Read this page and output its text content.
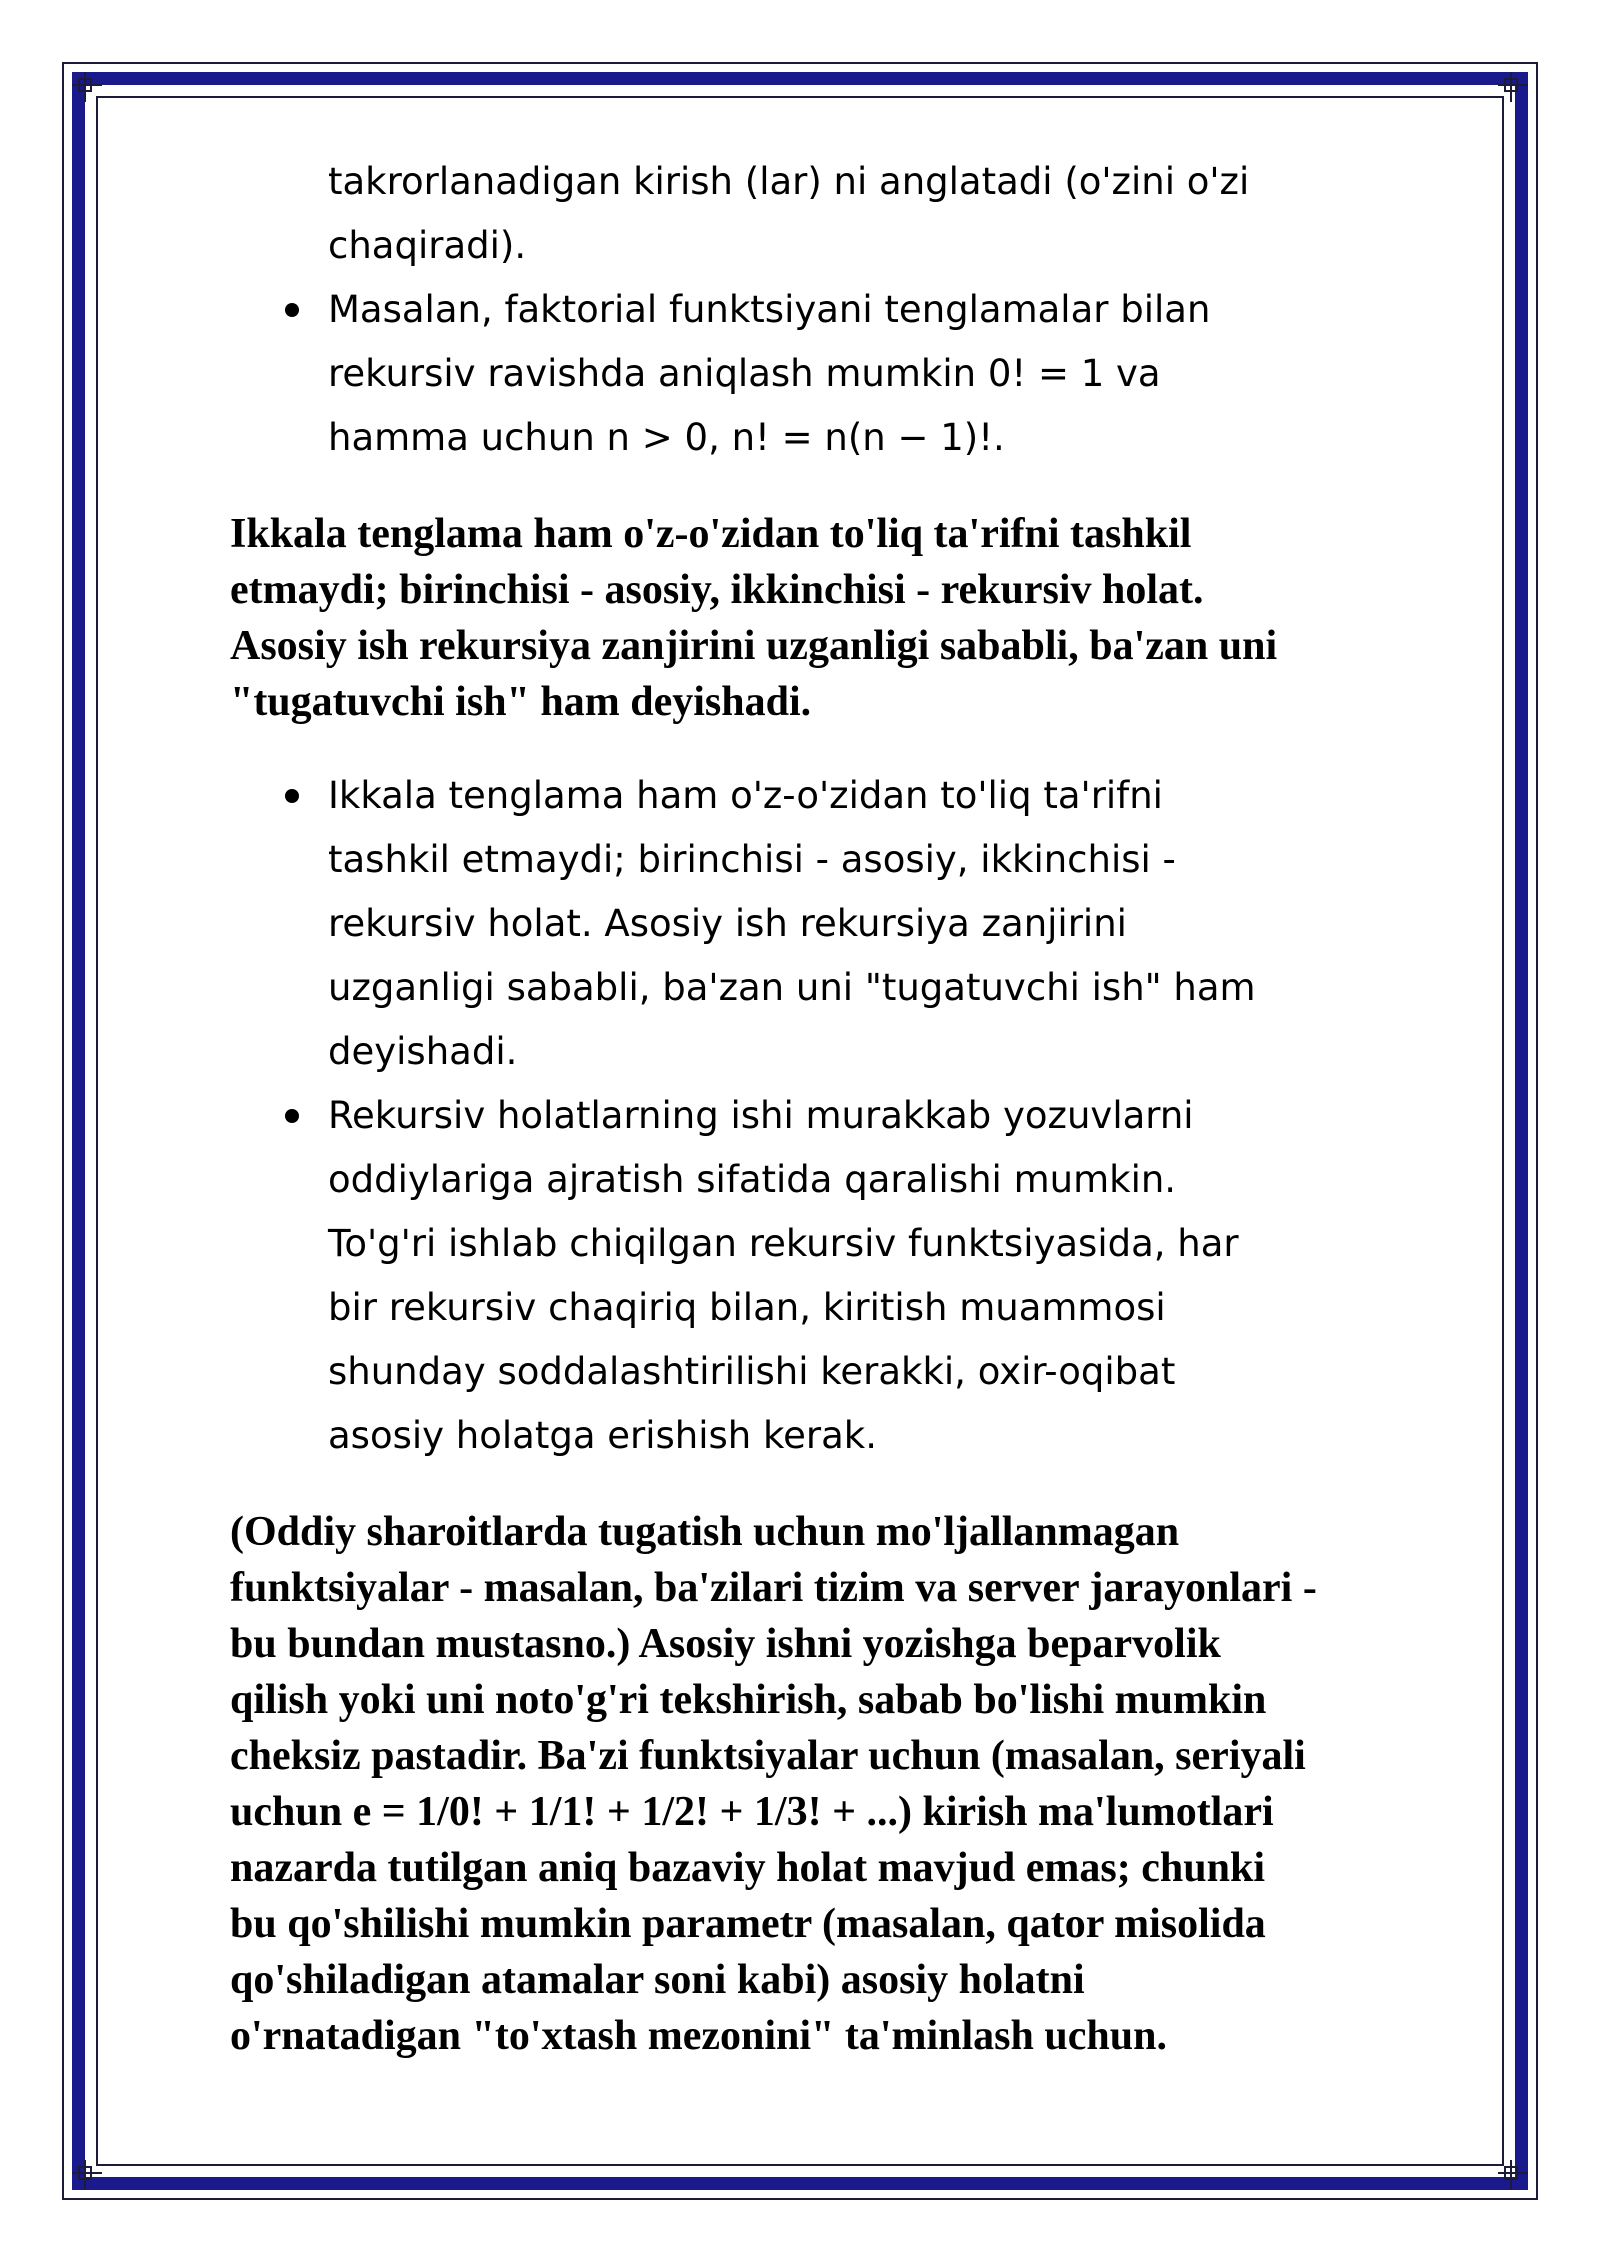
takrorlanadigan kirish (lar) ni anglatadi (o'zini o'zi
chaqiradi).
Masalan, faktorial funktsiyani tenglamalar bilan
rekursiv ravishda aniqlash mumkin 0! = 1 va
hamma uchun n > 0, n! = n(n − 1)!.
Ikkala tenglama ham o'z-o'zidan to'liq ta'rifni tashkil
etmaydi; birinchisi - asosiy, ikkinchisi - rekursiv holat.
Asosiy ish rekursiya zanjirini uzganligi sababli, ba'zan uni
"tugatuvchi ish" ham deyishadi.
Ikkala tenglama ham o'z-o'zidan to'liq ta'rifni
tashkil etmaydi; birinchisi - asosiy, ikkinchisi -
rekursiv holat. Asosiy ish rekursiya zanjirini
uzganligi sababli, ba'zan uni "tugatuvchi ish" ham
deyishadi.
Rekursiv holatlarning ishi murakkab yozuvlarni
oddiylariga ajratish sifatida qaralishi mumkin.
To'g'ri ishlab chiqilgan rekursiv funktsiyasida, har
bir rekursiv chaqiriq bilan, kiritish muammosi
shunday soddalashtirilishi kerakki, oxir-oqibat
asosiy holatga erishish kerak.
(Oddiy sharoitlarda tugatish uchun mo'ljallanmagan
funktsiyalar - masalan, ba'zilari tizim va server jarayonlari -
bu bundan mustasno.) Asosiy ishni yozishga beparvolik
qilish yoki uni noto'g'ri tekshirish, sabab bo'lishi mumkin
cheksiz pastadir. Ba'zi funktsiyalar uchun (masalan, seriyali
uchun e = 1/0! + 1/1! + 1/2! + 1/3! + ...) kirish ma'lumotlari
nazarda tutilgan aniq bazaviy holat mavjud emas; chunki
bu qo'shilishi mumkin parametr (masalan, qator misolida
qo'shiladigan atamalar soni kabi) asosiy holatni
o'rnatadigan "to'xtash mezonini" ta'minlash uchun.
